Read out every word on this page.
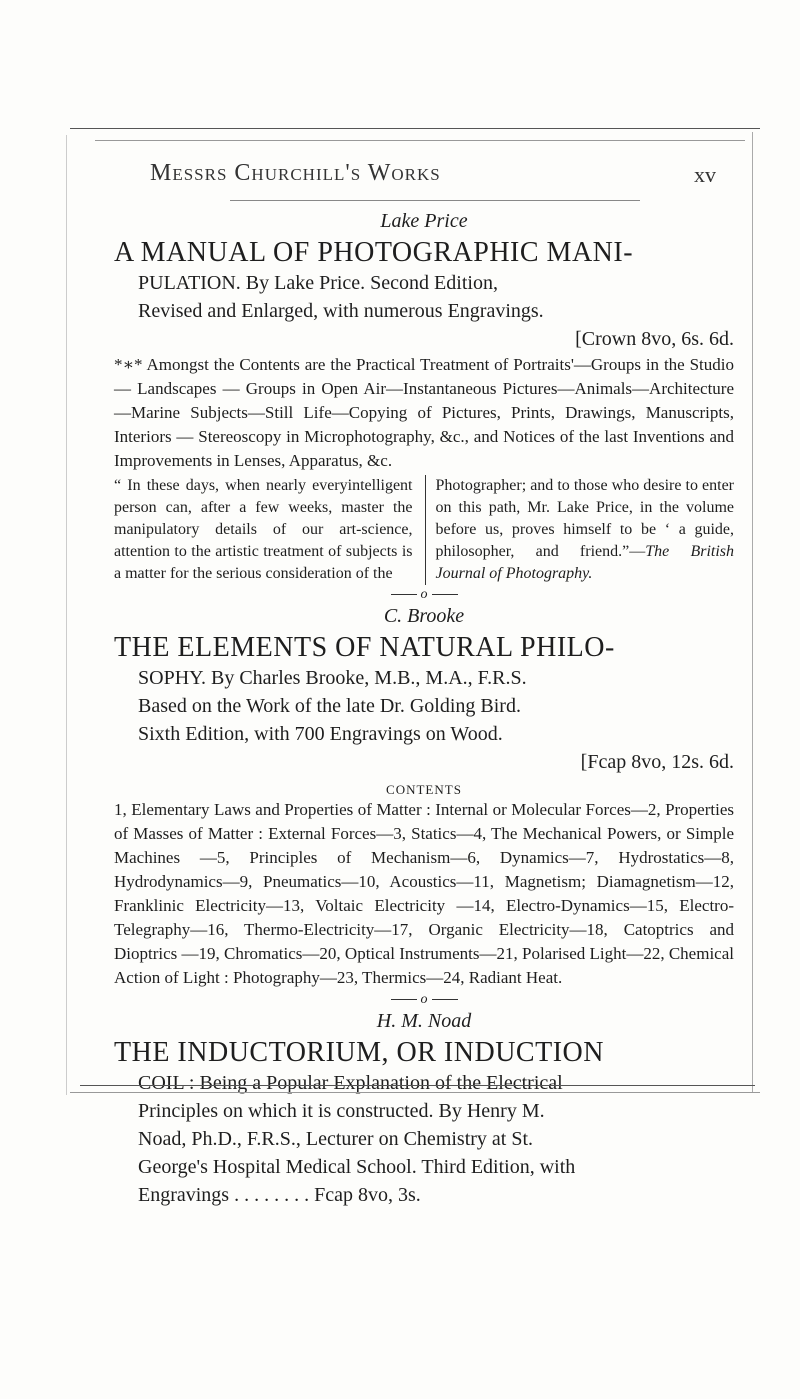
Messrs Churchill's Works	xv

Lake Price

A MANUAL OF PHOTOGRAPHIC MANI-

PULATION. By Lake Price. Second Edition,

Revised and Enlarged, with numerous Engravings.

[Crown 8vo, 6s. 6d.

*∗* Amongst the Contents are the Practical Treatment of Portraits'—Groups in the Studio — Landscapes — Groups in Open Air—Instantaneous Pictures—Animals—Architecture—Marine Subjects—Still Life—Copying of Pictures, Prints, Drawings, Manuscripts, Interiors — Stereoscopy in Microphotography, &c., and Notices of the last Inventions and Improvements in Lenses, Apparatus, &c.

“ In these days, when nearly everyintelligent person can, after a few weeks, master the manipulatory details of our art-science, attention to the artistic treatment of subjects is a matter for the serious consideration of the
Photographer; and to those who desire to enter on this path, Mr. Lake Price, in the volume before us, proves himself to be ‘ a guide, philosopher, and friend.”—The British Journal of Photography.
o

C. Brooke

THE ELEMENTS OF NATURAL PHILO-

SOPHY. By Charles Brooke, M.B., M.A., F.R.S.

Based on the Work of the late Dr. Golding Bird.

Sixth Edition, with 700 Engravings on Wood.

[Fcap 8vo, 12s. 6d.

CONTENTS

1, Elementary Laws and Properties of Matter : Internal or Molecular Forces—2, Properties of Masses of Matter : External Forces—3, Statics—4, The Mechanical Powers, or Simple Machines —5, Principles of Mechanism—6, Dynamics—7, Hydrostatics—8, Hydrodynamics—9, Pneumatics—10, Acoustics—11, Magnetism; Diamagnetism—12, Franklinic Electricity—13, Voltaic Electricity —14, Electro-Dynamics—15, Electro-Telegraphy—16, Thermo-Electricity—17, Organic Electricity—18, Catoptrics and Dioptrics —19, Chromatics—20, Optical Instruments—21, Polarised Light—22, Chemical Action of Light : Photography—23, Thermics—24, Radiant Heat.

o

H. M. Noad

THE INDUCTORIUM, OR INDUCTION

COIL : Being a Popular Explanation of the Electrical

Principles on which it is constructed. By Henry M.

Noad, Ph.D., F.R.S., Lecturer on Chemistry at St.

George's Hospital Medical School. Third Edition, with

Engravings . . . . . . . . Fcap 8vo, 3s.
